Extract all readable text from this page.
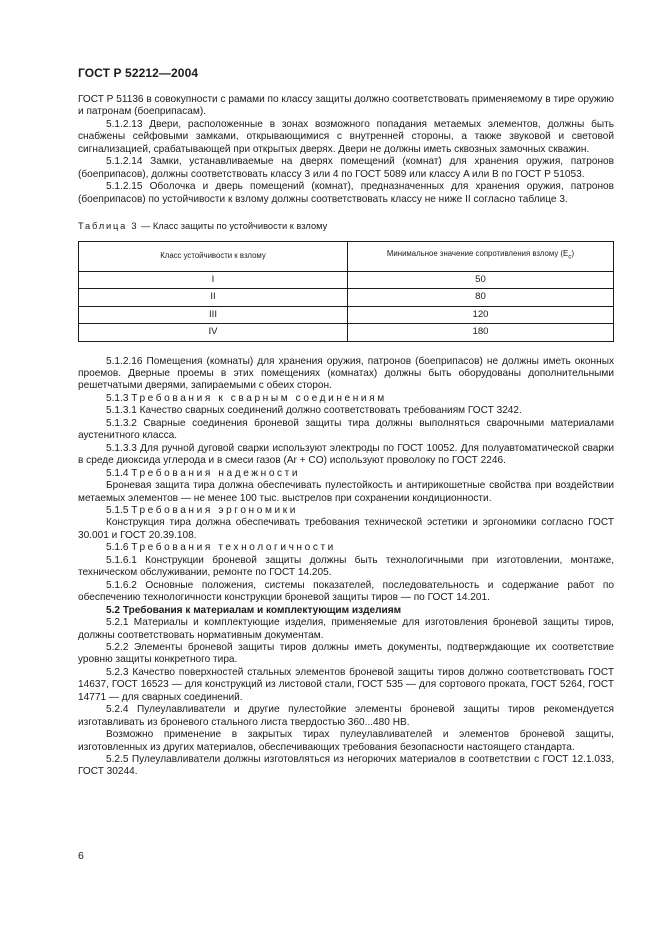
ГОСТ Р 52212—2004

ГОСТ Р 51136 в совокупности с рамами по классу защиты должно соответствовать применяемому в тире оружию и патронам (боеприпасам).

5.1.2.13 Двери, расположенные в зонах возможного попадания метаемых элементов, должны быть снабжены сейфовыми замками, открывающимися с внутренней стороны, а также звуковой и световой сигнализацией, срабатывающей при открытых дверях. Двери не должны иметь сквозных замочных скважин.

5.1.2.14 Замки, устанавливаемые на дверях помещений (комнат) для хранения оружия, патронов (боеприпасов), должны соответствовать классу 3 или 4 по ГОСТ 5089 или классу A или B по ГОСТ Р 51053.

5.1.2.15 Оболочка и дверь помещений (комнат), предназначенных для хранения оружия, патронов (боеприпасов) по устойчивости к взлому должны соответствовать классу не ниже II согласно таблице 3.

Таблица 3 — Класс защиты по устойчивости к взлому
Класс устойчивости к взлому	Минимальное значение сопротивления взлому $(E_c)$
I	50
II	80
III	120
IV	180

5.1.2.16 Помещения (комнаты) для хранения оружия, патронов (боеприпасов) не должны иметь оконных проемов. Дверные проемы в этих помещениях (комнатах) должны быть оборудованы дополнительными решетчатыми дверями, запираемыми с обеих сторон.

5.1.3 Требования к сварным соединениям

5.1.3.1 Качество сварных соединений должно соответствовать требованиям ГОСТ 3242.

5.1.3.2 Сварные соединения броневой защиты тира должны выполняться сварочными материалами аустенитного класса.

5.1.3.3 Для ручной дуговой сварки используют электроды по ГОСТ 10052. Для полуавтоматической сварки в среде диоксида углерода и в смеси газов (Ar + CO) используют проволоку по ГОСТ 2246.

5.1.4 Требования надежности

Броневая защита тира должна обеспечивать пулестойкость и антирикошетные свойства при воздействии метаемых элементов — не менее 100 тыс. выстрелов при сохранении кондиционности.

5.1.5 Требования эргономики

Конструкция тира должна обеспечивать требования технической эстетики и эргономики согласно ГОСТ 30.001 и ГОСТ 20.39.108.

5.1.6 Требования технологичности

5.1.6.1 Конструкции броневой защиты должны быть технологичными при изготовлении, монтаже, техническом обслуживании, ремонте по ГОСТ 14.205.

5.1.6.2 Основные положения, системы показателей, последовательность и содержание работ по обеспечению технологичности конструкции броневой защиты тиров — по ГОСТ 14.201.

5.2 Требования к материалам и комплектующим изделиям

5.2.1 Материалы и комплектующие изделия, применяемые для изготовления броневой защиты тиров, должны соответствовать нормативным документам.

5.2.2 Элементы броневой защиты тиров должны иметь документы, подтверждающие их соответствие уровню защиты конкретного тира.

5.2.3 Качество поверхностей стальных элементов броневой защиты тиров должно соответствовать ГОСТ 14637, ГОСТ 16523 — для конструкций из листовой стали, ГОСТ 535 — для сортового проката, ГОСТ 5264, ГОСТ 14771 — для сварных соединений.

5.2.4 Пулеулавливатели и другие пулестойкие элементы броневой защиты тиров рекомендуется изготавливать из броневого стального листа твердостью 360...480 HB.

Возможно применение в закрытых тирах пулеулавливателей и элементов броневой защиты, изготовленных из других материалов, обеспечивающих требования безопасности настоящего стандарта.

5.2.5 Пулеулавливатели должны изготовляться из негорючих материалов в соответствии с ГОСТ 12.1.033, ГОСТ 30244.

6
